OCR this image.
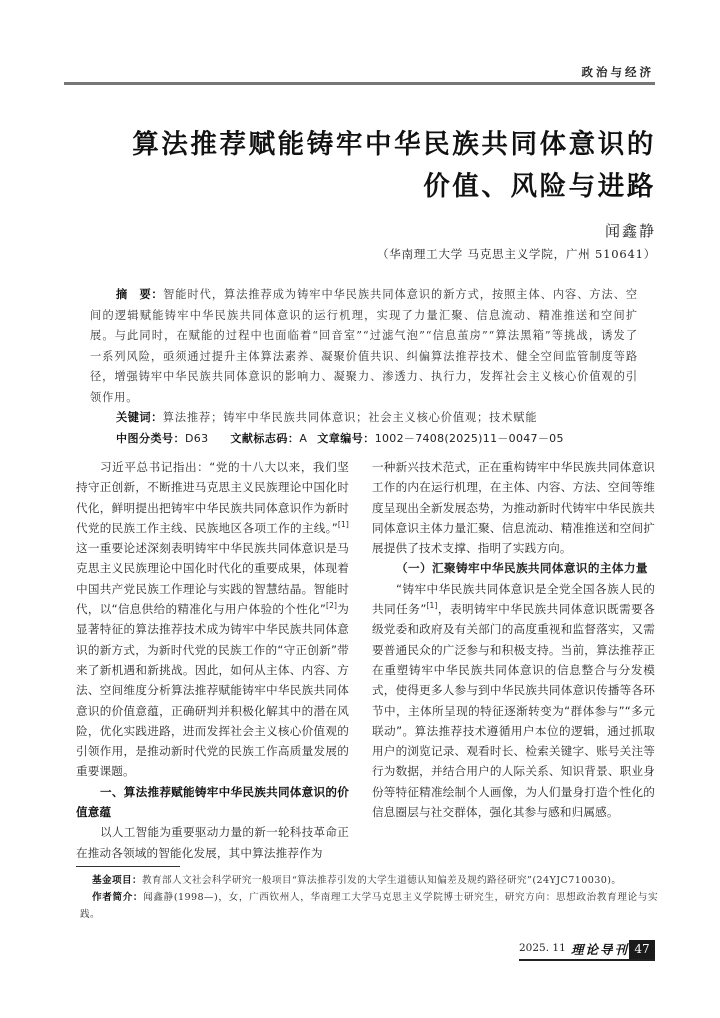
政治与经济
算法推荐赋能铸牢中华民族共同体意识的
价值、风险与进路
闻鑫静
（华南理工大学 马克思主义学院，广州 510641）
摘　要：智能时代，算法推荐成为铸牢中华民族共同体意识的新方式，按照主体、内容、方法、空间的逻辑赋能铸牢中华民族共同体意识的运行机理，实现了力量汇聚、信息流动、精准推送和空间扩展。与此同时，在赋能的过程中也面临着“回音室”“过滤气泡”“信息茧房”“算法黑箱”等挑战，诱发了一系列风险，亟须通过提升主体算法素养、凝聚价值共识、纠偏算法推荐技术、健全空间监管制度等路径，增强铸牢中华民族共同体意识的影响力、凝聚力、渗透力、执行力，发挥社会主义核心价值观的引领作用。
关键词：算法推荐；铸牢中华民族共同体意识；社会主义核心价值观；技术赋能
中图分类号：D63 文献标志码：A 文章编号：1002－7408(2025)11－0047－05

习近平总书记指出：“党的十八大以来，我们坚持守正创新，不断推进马克思主义民族理论中国化时代化，鲜明提出把铸牢中华民族共同体意识作为新时代党的民族工作主线、民族地区各项工作的主线。”[1]这一重要论述深刻表明铸牢中华民族共同体意识是马克思主义民族理论中国化时代化的重要成果，体现着中国共产党民族工作理论与实践的智慧结晶。智能时代，以“信息供给的精准化与用户体验的个性化”[2]为显著特征的算法推荐技术成为铸牢中华民族共同体意识的新方式，为新时代党的民族工作的“守正创新”带来了新机遇和新挑战。因此，如何从主体、内容、方法、空间维度分析算法推荐赋能铸牢中华民族共同体意识的价值意蕴，正确研判并积极化解其中的潜在风险，优化实践进路，进而发挥社会主义核心价值观的引领作用，是推动新时代党的民族工作高质量发展的重要课题。

一、算法推荐赋能铸牢中华民族共同体意识的价值意蕴

以人工智能为重要驱动力量的新一轮科技革命正在推动各领域的智能化发展，其中算法推荐作为

一种新兴技术范式，正在重构铸牢中华民族共同体意识工作的内在运行机理，在主体、内容、方法、空间等维度呈现出全新发展态势，为推动新时代铸牢中华民族共同体意识主体力量汇聚、信息流动、精准推送和空间扩展提供了技术支撑、指明了实践方向。

（一）汇聚铸牢中华民族共同体意识的主体力量

“铸牢中华民族共同体意识是全党全国各族人民的共同任务”[1]，表明铸牢中华民族共同体意识既需要各级党委和政府及有关部门的高度重视和监督落实，又需要普通民众的广泛参与和积极支持。当前，算法推荐正在重塑铸牢中华民族共同体意识的信息整合与分发模式，使得更多人参与到中华民族共同体意识传播等各环节中，主体所呈现的特征逐渐转变为“群体参与”“多元联动”。算法推荐技术遵循用户本位的逻辑，通过抓取用户的浏览记录、观看时长、检索关键字、账号关注等行为数据，并结合用户的人际关系、知识背景、职业身份等特征精准绘制个人画像，为人们量身打造个性化的信息圈层与社交群体，强化其参与感和归属感。

基金项目：教育部人文社会科学研究一般项目“算法推荐引发的大学生道德认知偏差及规约路径研究”(24YJC710030)。

作者简介：闻鑫静(1998—)，女，广西钦州人，华南理工大学马克思主义学院博士研究生，研究方向：思想政治教育理论与实践。

2025. 11 理论导刊 47
